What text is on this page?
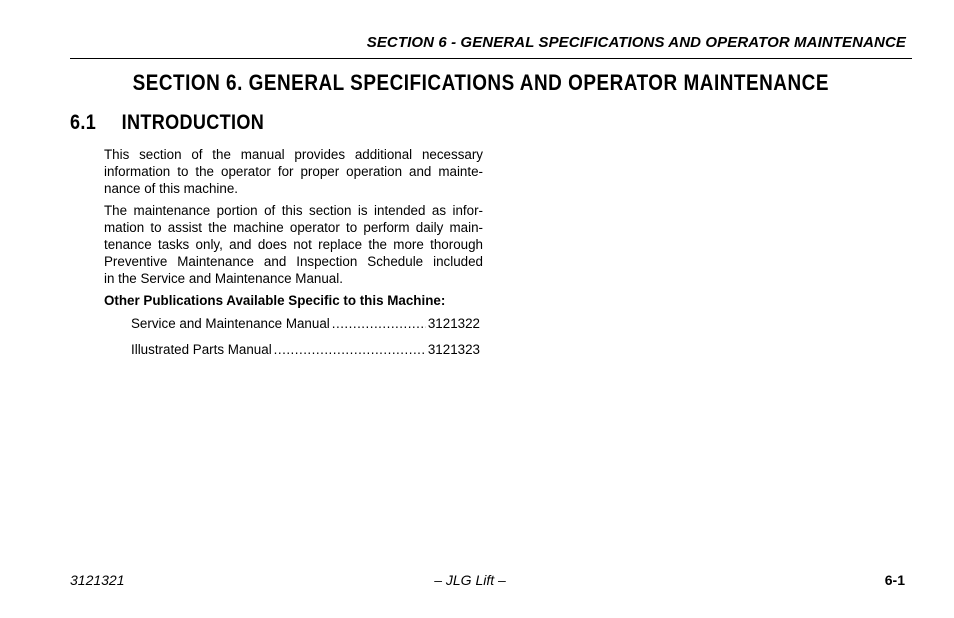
SECTION 6 - GENERAL SPECIFICATIONS AND OPERATOR MAINTENANCE
SECTION 6. GENERAL SPECIFICATIONS AND OPERATOR MAINTENANCE
6.1 INTRODUCTION

This section of the manual provides additional necessary
information to the operator for proper operation and mainte-
nance of this machine.

The maintenance portion of this section is intended as infor-
mation to assist the machine operator to perform daily main-
tenance tasks only, and does not replace the more thorough
Preventive Maintenance and Inspection Schedule included
in the Service and Maintenance Manual.

Other Publications Available Specific to this Machine:

Service and Maintenance Manual .....	3121322
Illustrated Parts Manual .....	3121323
3121321	– JLG Lift –	6-1
